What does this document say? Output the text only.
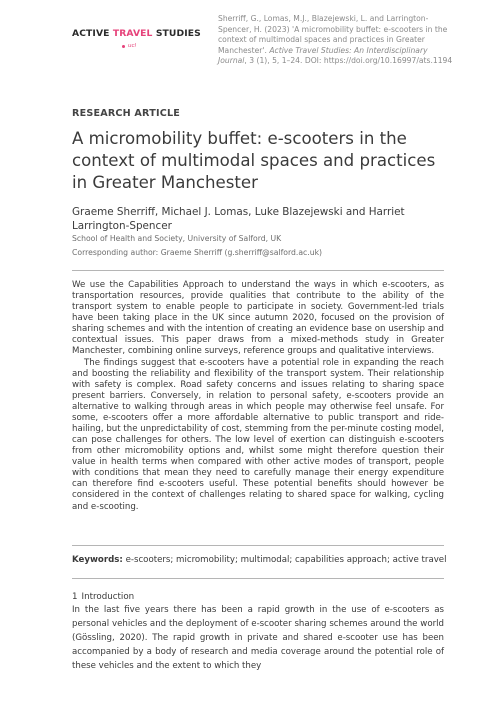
ACTIVE TRAVEL STUDIES
ucl
Sherriff, G., Lomas, M.J., Blazejewski, L. and Larrington-Spencer, H. (2023) 'A micromobility buffet: e-scooters in the context of multimodal spaces and practices in Greater Manchester'. Active Travel Studies: An Interdisciplinary Journal, 3 (1), 5, 1–24. DOI: https://doi.org/10.16997/ats.1194
RESEARCH ARTICLE
A micromobility buffet: e-scooters in the context of multimodal spaces and practices in Greater Manchester
Graeme Sherriff, Michael J. Lomas, Luke Blazejewski and Harriet Larrington-Spencer
School of Health and Society, University of Salford, UK
Corresponding author: Graeme Sherriff (g.sherriff@salford.ac.uk)

We use the Capabilities Approach to understand the ways in which e-scooters, as transportation resources, provide qualities that contribute to the ability of the transport system to enable people to participate in society. Government-led trials have been taking place in the UK since autumn 2020, focused on the provision of sharing schemes and with the intention of creating an evidence base on usership and contextual issues. This paper draws from a mixed-methods study in Greater Manchester, combining online surveys, reference groups and qualitative interviews.

The findings suggest that e-scooters have a potential role in expanding the reach and boosting the reliability and flexibility of the transport system. Their relationship with safety is complex. Road safety concerns and issues relating to sharing space present barriers. Conversely, in relation to personal safety, e-scooters provide an alternative to walking through areas in which people may otherwise feel unsafe. For some, e-scooters offer a more affordable alternative to public transport and ride-hailing, but the unpredictability of cost, stemming from the per-minute costing model, can pose challenges for others. The low level of exertion can distinguish e-scooters from other micromobility options and, whilst some might therefore question their value in health terms when compared with other active modes of transport, people with conditions that mean they need to carefully manage their energy expenditure can therefore find e-scooters useful. These potential benefits should however be considered in the context of challenges relating to shared space for walking, cycling and e-scooting.

Keywords: e-scooters; micromobility; multimodal; capabilities approach; active travel
1 Introduction

In the last five years there has been a rapid growth in the use of e-scooters as personal vehicles and the deployment of e-scooter sharing schemes around the world (Gössling, 2020). The rapid growth in private and shared e-scooter use has been accompanied by a body of research and media coverage around the potential role of these vehicles and the extent to which they
